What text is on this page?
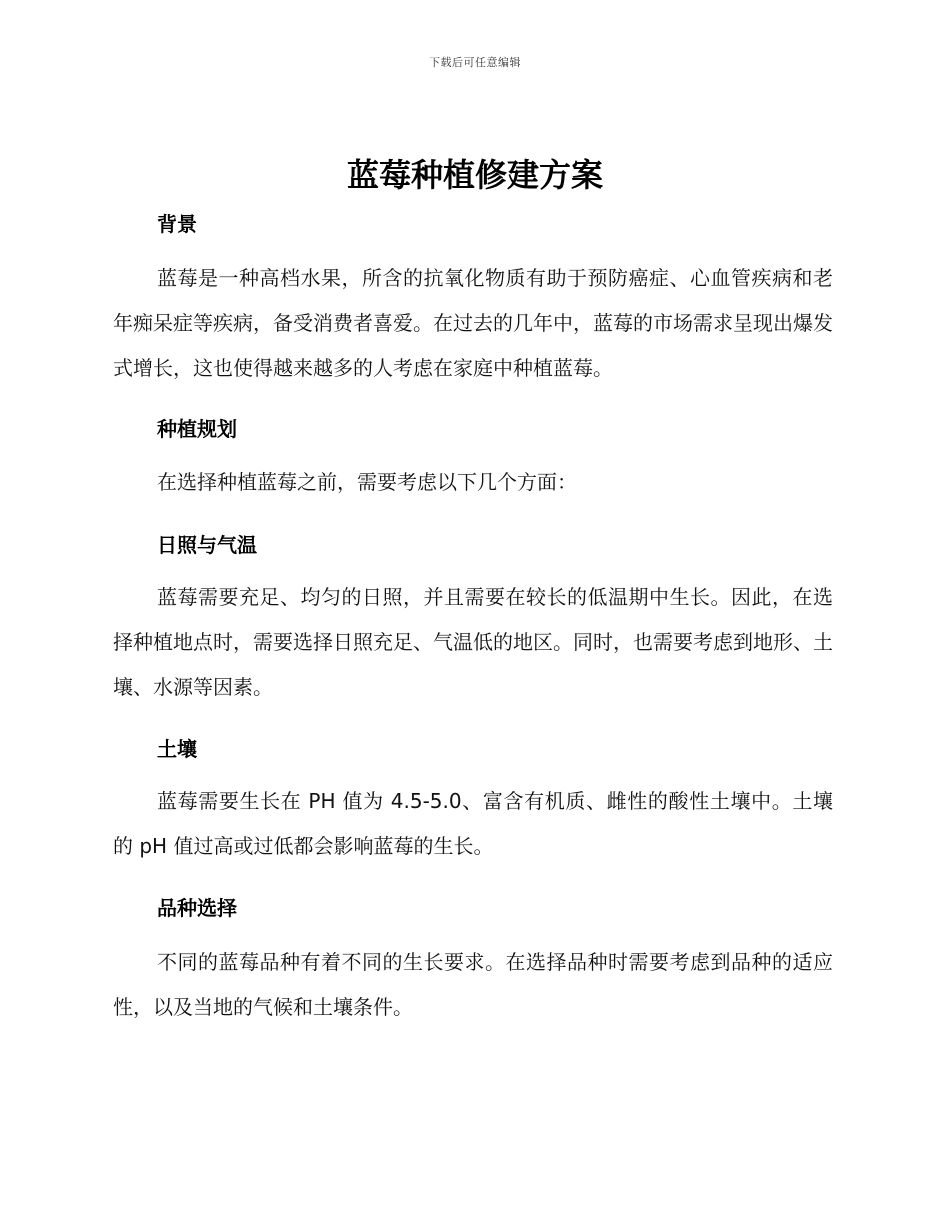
下载后可任意编辑
蓝莓种植修建方案
背景

蓝莓是一种高档水果，所含的抗氧化物质有助于预防癌症、心血管疾病和老年痴呆症等疾病，备受消费者喜爱。在过去的几年中，蓝莓的市场需求呈现出爆发式增长，这也使得越来越多的人考虑在家庭中种植蓝莓。

种植规划

在选择种植蓝莓之前，需要考虑以下几个方面：

日照与气温

蓝莓需要充足、均匀的日照，并且需要在较长的低温期中生长。因此，在选择种植地点时，需要选择日照充足、气温低的地区。同时，也需要考虑到地形、土壤、水源等因素。

土壤

蓝莓需要生长在 PH 值为 4.5-5.0、富含有机质、雌性的酸性土壤中。土壤的 pH 值过高或过低都会影响蓝莓的生长。

品种选择

不同的蓝莓品种有着不同的生长要求。在选择品种时需要考虑到品种的适应性，以及当地的气候和土壤条件。
